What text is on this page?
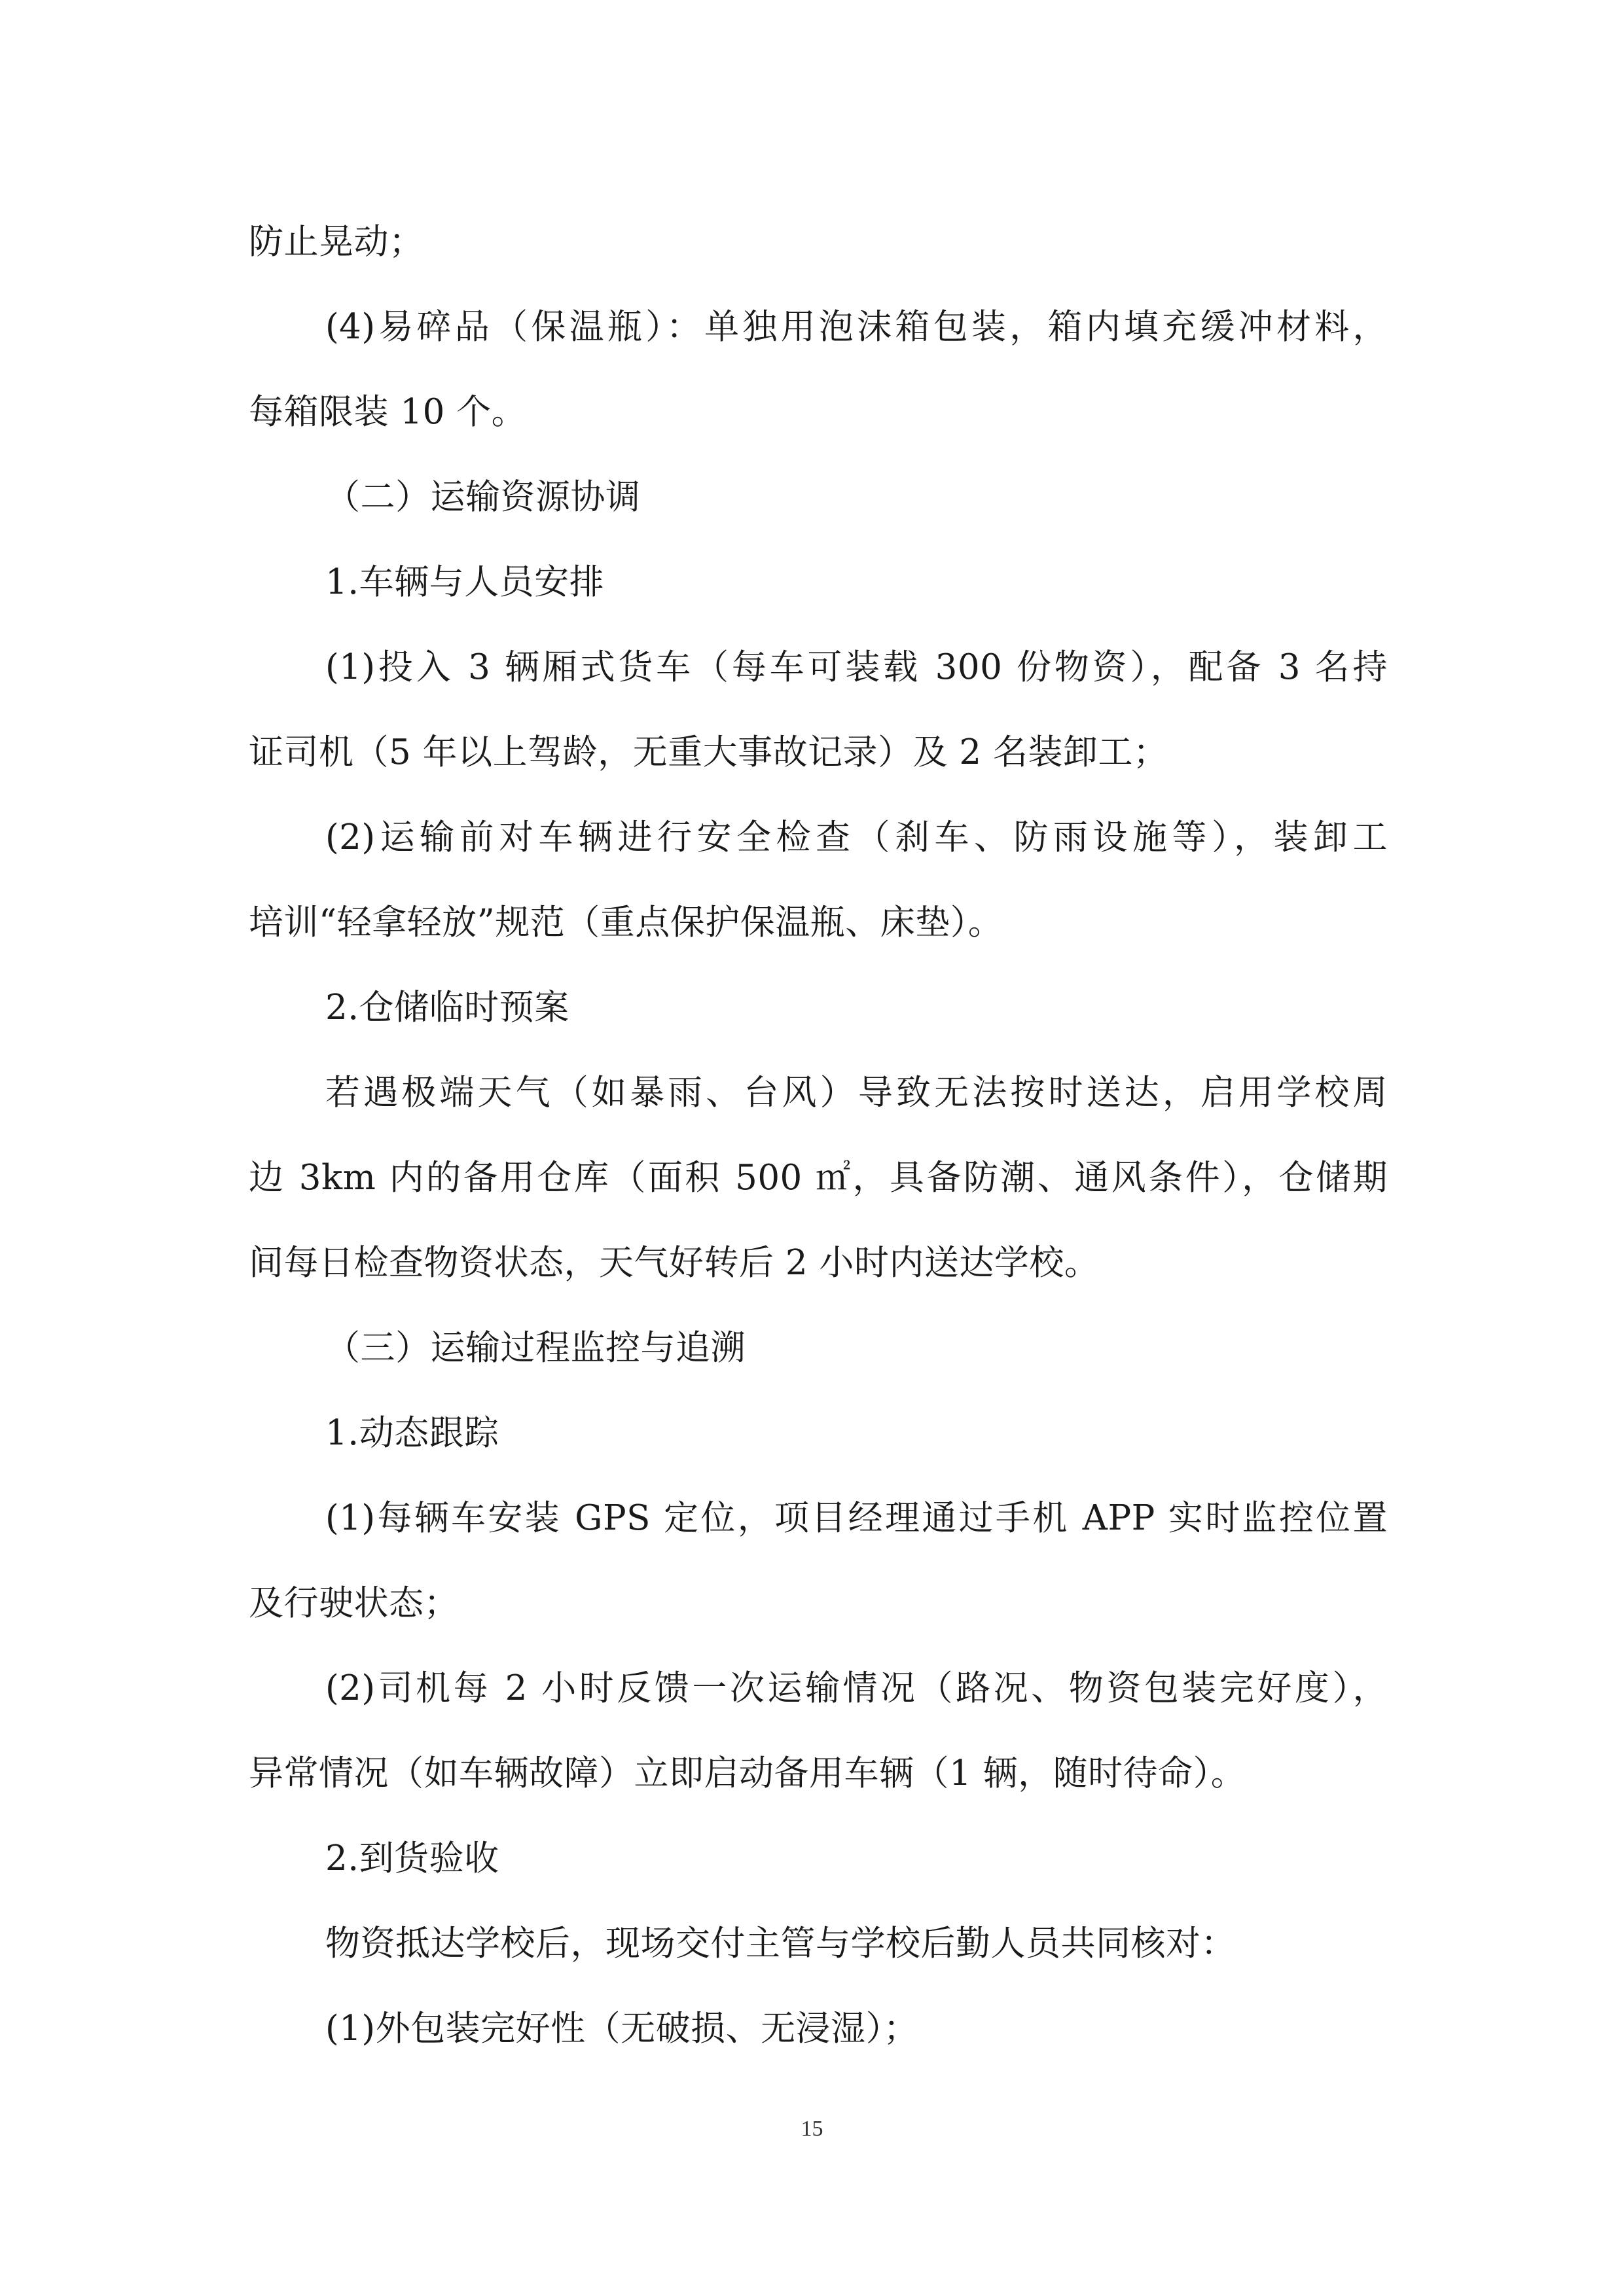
防止晃动；
(4)易碎品（保温瓶）：单独用泡沫箱包装，箱内填充缓冲材料，
每箱限装 10 个。
（二）运输资源协调
1.车辆与人员安排
(1)投入 3 辆厢式货车（每车可装载 300 份物资），配备 3 名持
证司机（5 年以上驾龄，无重大事故记录）及 2 名装卸工；
(2)运输前对车辆进行安全检查（刹车、防雨设施等），装卸工
培训“轻拿轻放”规范（重点保护保温瓶、床垫）。
2.仓储临时预案
若遇极端天气（如暴雨、台风）导致无法按时送达，启用学校周
边 3km 内的备用仓库（面积 500 ㎡，具备防潮、通风条件），仓储期
间每日检查物资状态，天气好转后 2 小时内送达学校。
（三）运输过程监控与追溯
1.动态跟踪
(1)每辆车安装 GPS 定位，项目经理通过手机 APP 实时监控位置
及行驶状态；
(2)司机每 2 小时反馈一次运输情况（路况、物资包装完好度），
异常情况（如车辆故障）立即启动备用车辆（1 辆，随时待命）。
2.到货验收
物资抵达学校后，现场交付主管与学校后勤人员共同核对：
(1)外包装完好性（无破损、无浸湿）；
15
